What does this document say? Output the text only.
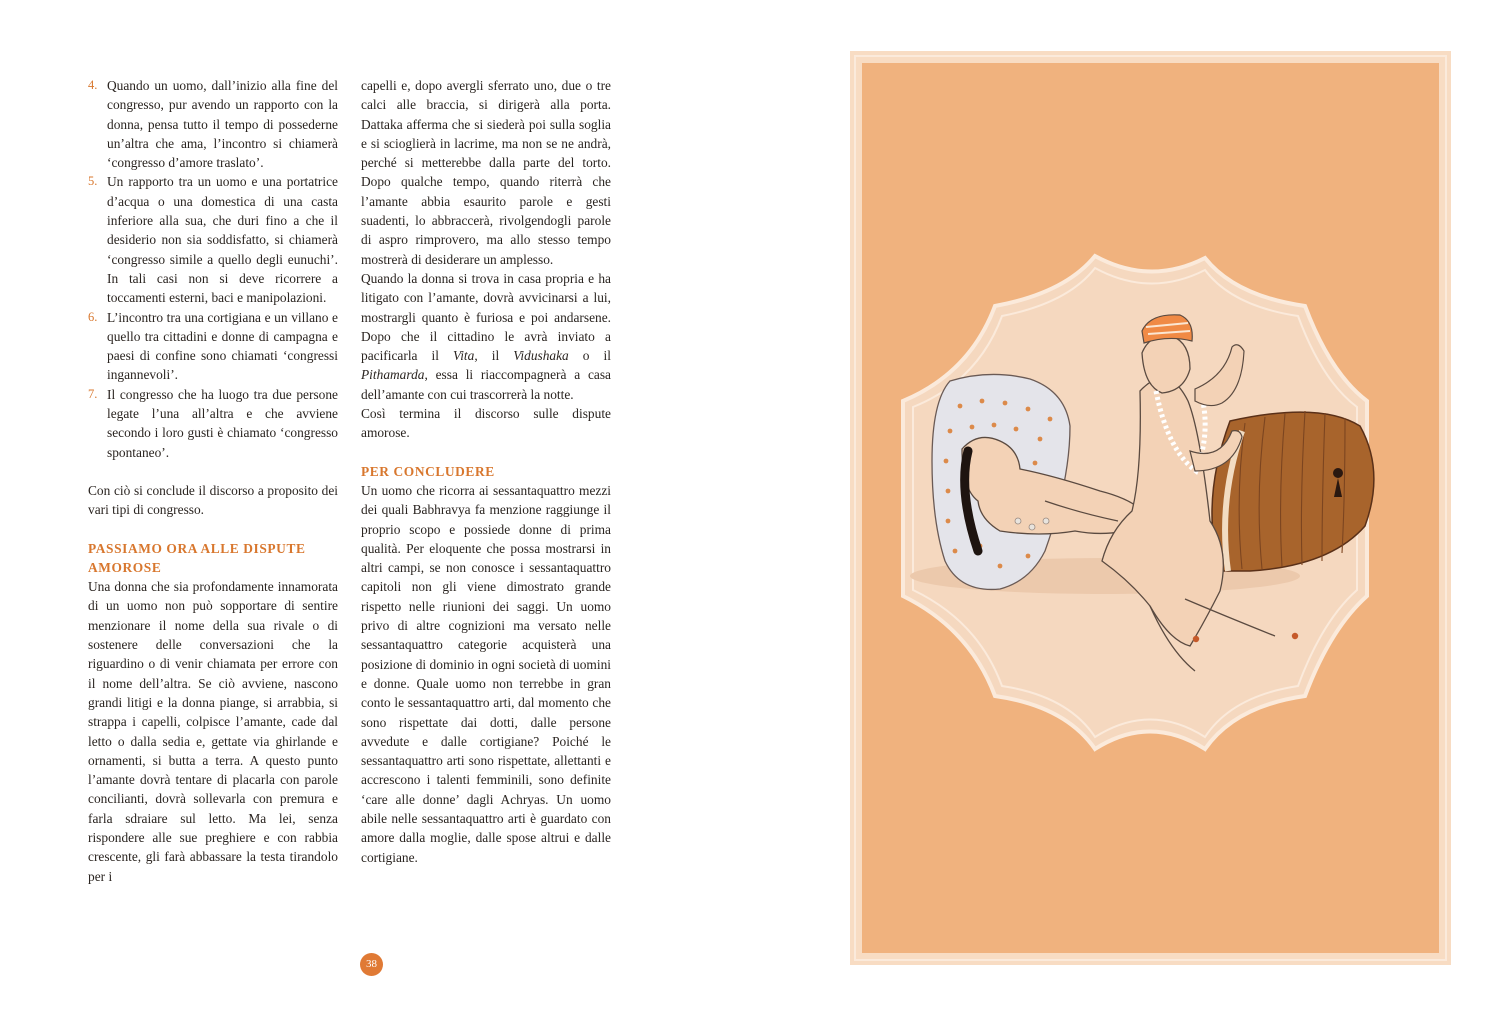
4. Quando un uomo, dall’inizio alla fine del congresso, pur avendo un rapporto con la donna, pensa tutto il tempo di possederne un’altra che ama, l’incontro si chiamerà ‘congresso d’amore traslato’.
5. Un rapporto tra un uomo e una portatrice d’acqua o una domestica di una casta inferiore alla sua, che duri fino a che il desiderio non sia soddisfatto, si chiamerà ‘congresso simile a quello degli eunuchi’. In tali casi non si deve ricorrere a toccamenti esterni, baci e manipolazioni.
6. L’incontro tra una cortigiana e un villano e quello tra cittadini e donne di campagna e paesi di confine sono chiamati ‘congressi ingannevoli’.
7. Il congresso che ha luogo tra due persone legate l’una all’altra e che avviene secondo i loro gusti è chiamato ‘congresso spontaneo’.

Con ciò si conclude il discorso a proposito dei vari tipi di congresso.

PASSIAMO ORA ALLE DISPUTE AMOROSE

Una donna che sia profondamente innamorata di un uomo non può sopportare di sentire menzionare il nome della sua rivale o di sostenere delle conversazioni che la riguardino o di venir chiamata per errore con il nome dell’altra. Se ciò avviene, nascono grandi litigi e la donna piange, si arrabbia, si strappa i capelli, colpisce l’amante, cade dal letto o dalla sedia e, gettate via ghirlande e ornamenti, si butta a terra. A questo punto l’amante dovrà tentare di placarla con parole concilianti, dovrà sollevarla con premura e farla sdraiare sul letto. Ma lei, senza rispondere alle sue preghiere e con rabbia crescente, gli farà abbassare la testa tirandolo per i

capelli e, dopo avergli sferrato uno, due o tre calci alle braccia, si dirigerà alla porta. Dattaka afferma che si siederà poi sulla soglia e si scioglierà in lacrime, ma non se ne andrà, perché si metterebbe dalla parte del torto. Dopo qualche tempo, quando riterrà che l’amante abbia esaurito parole e gesti suadenti, lo abbraccerà, rivolgendogli parole di aspro rimprovero, ma allo stesso tempo mostrerà di desiderare un amplesso.

Quando la donna si trova in casa propria e ha litigato con l’amante, dovrà avvicinarsi a lui, mostrargli quanto è furiosa e poi andarsene. Dopo che il cittadino le avrà inviato a pacificarla il Vita, il Vidushaka o il Pithamarda, essa li riaccompagnerà a casa dell’amante con cui trascorrerà la notte.

Così termina il discorso sulle dispute amorose.

PER CONCLUDERE

Un uomo che ricorra ai sessantaquattro mezzi dei quali Babhravya fa menzione raggiunge il proprio scopo e possiede donne di prima qualità. Per eloquente che possa mostrarsi in altri campi, se non conosce i sessantaquattro capitoli non gli viene dimostrato grande rispetto nelle riunioni dei saggi. Un uomo privo di altre cognizioni ma versato nelle sessantaquattro categorie acquisterà una posizione di dominio in ogni società di uomini e donne. Quale uomo non terrebbe in gran conto le sessantaquattro arti, dal momento che sono rispettate dai dotti, dalle persone avvedute e dalle cortigiane? Poiché le sessantaquattro arti sono rispettate, allettanti e accrescono i talenti femminili, sono definite ‘care alle donne’ dagli Achryas. Un uomo abile nelle sessantaquattro arti è guardato con amore dalla moglie, dalle spose altrui e dalle cortigiane.

38
